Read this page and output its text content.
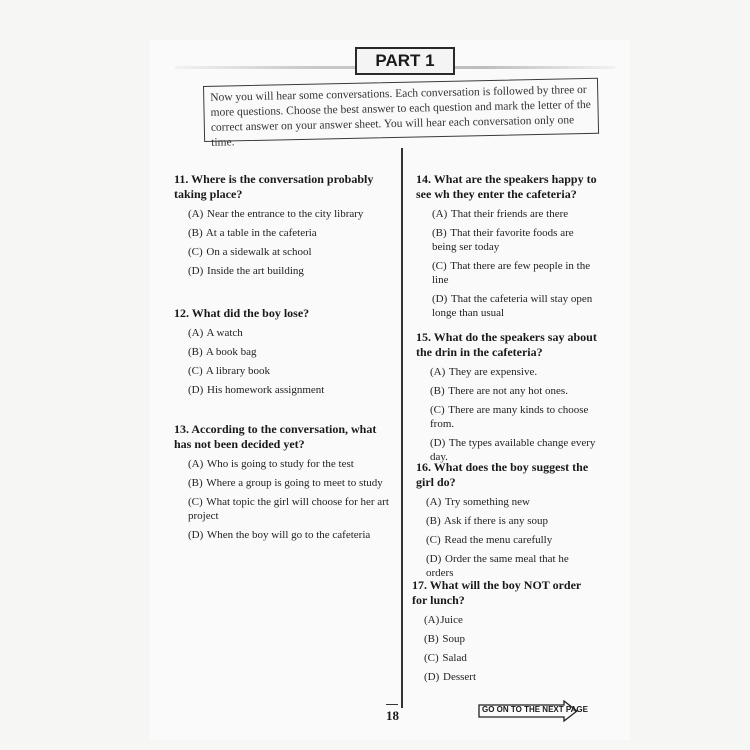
PART 1
Now you will hear some conversations. Each conversation is followed by three or more questions. Choose the best answer to each question and mark the letter of the correct answer on your answer sheet. You will hear each conversation only one time.
11. Where is the conversation probably taking place?
(A) Near the entrance to the city library
(B) At a table in the cafeteria
(C) On a sidewalk at school
(D) Inside the art building
12. What did the boy lose?
(A) A watch
(B) A book bag
(C) A library book
(D) His homework assignment
13. According to the conversation, what has not been decided yet?
(A) Who is going to study for the test
(B) Where a group is going to meet to study
(C) What topic the girl will choose for her art project
(D) When the boy will go to the cafeteria
14. What are the speakers happy to see wh they enter the cafeteria?
(A) That their friends are there
(B) That their favorite foods are being ser today
(C) That there are few people in the line
(D) That the cafeteria will stay open longe than usual
15. What do the speakers say about the drin in the cafeteria?
(A) They are expensive.
(B) There are not any hot ones.
(C) There are many kinds to choose from.
(D) The types available change every day.
16. What does the boy suggest the girl do?
(A) Try something new
(B) Ask if there is any soup
(C) Read the menu carefully
(D) Order the same meal that he orders
17. What will the boy NOT order for lunch?
(A)Juice
(B) Soup
(C) Salad
(D) Dessert
18	GO ON TO THE NEXT PAGE
